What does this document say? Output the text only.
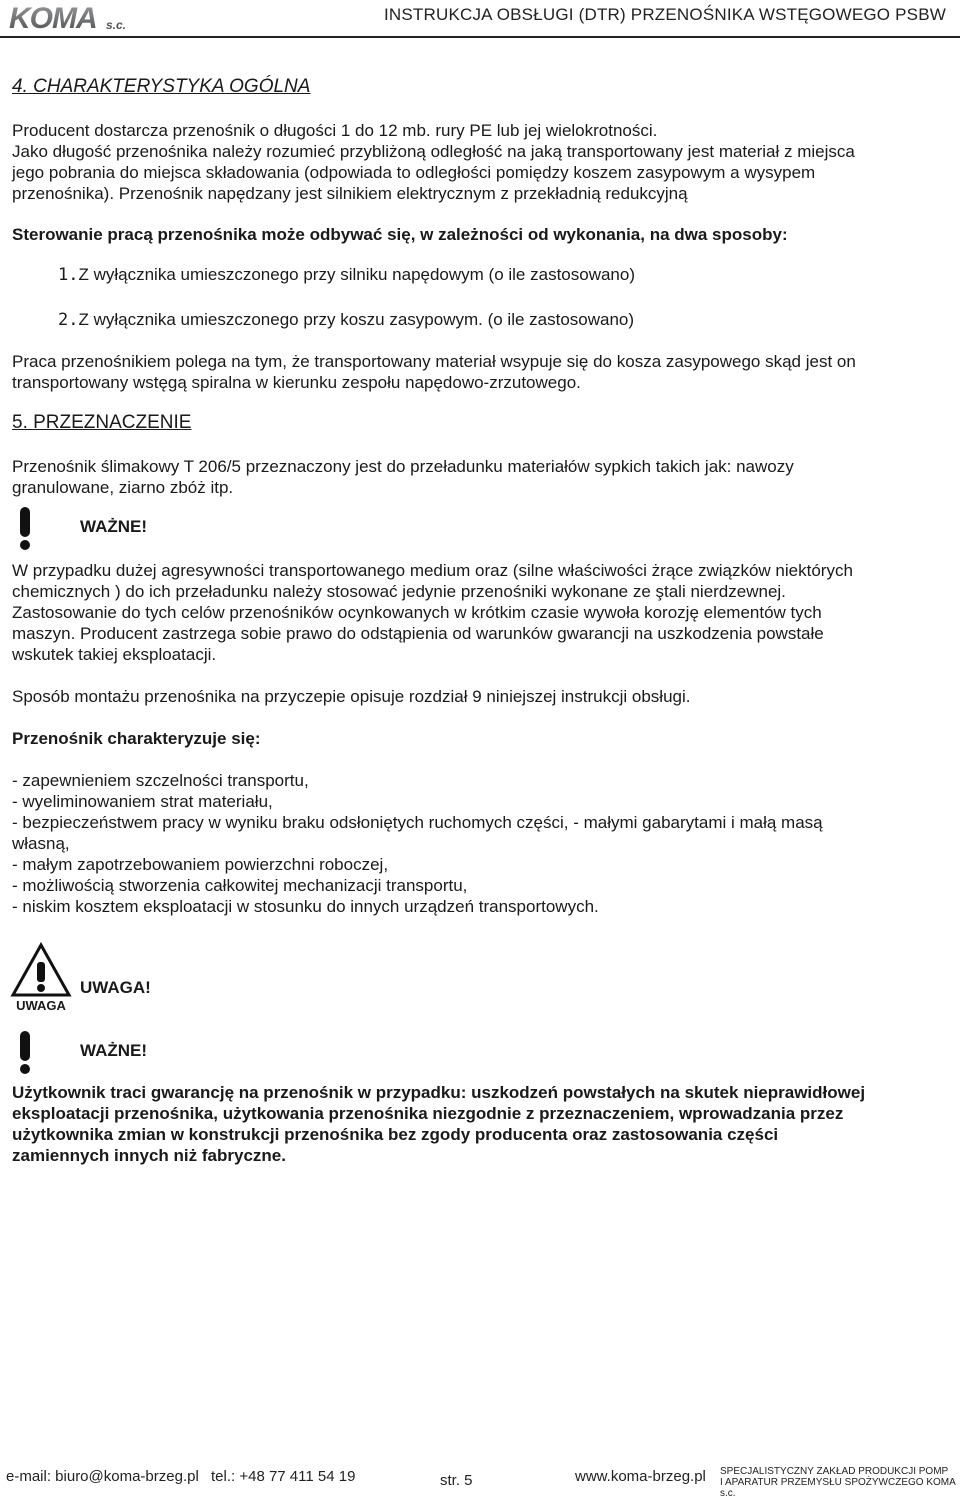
KOMA s.c.
INSTRUKCJA OBSŁUGI (DTR) PRZENOŚNIKA WSTĘGOWEGO PSBW
4. CHARAKTERYSTYKA OGÓLNA
Producent dostarcza przenośnik o długości 1 do 12 mb. rury PE lub jej wielokrotności.
Jako długość przenośnika należy rozumieć przybliżoną odległość na jaką transportowany jest materiał z miejsca
jego pobrania do miejsca składowania (odpowiada to odległości pomiędzy koszem zasypowym a wysypem
przenośnika). Przenośnik napędzany jest silnikiem elektrycznym z przekładnią redukcyjną
Sterowanie pracą przenośnika może odbywać się, w zależności od wykonania, na dwa sposoby:
1.Z wyłącznika umieszczonego przy silniku napędowym (o ile zastosowano)
2.Z wyłącznika umieszczonego przy koszu zasypowym. (o ile zastosowano)
Praca przenośnikiem polega na tym, że transportowany materiał wsypuje się do kosza zasypowego skąd jest on
transportowany wstęgą spiralna w kierunku zespołu napędowo-zrzutowego.
5. PRZEZNACZENIE
Przenośnik ślimakowy T 206/5 przeznaczony jest do przeładunku materiałów sypkich takich jak: nawozy
granulowane, ziarno zbóż itp.
WAŻNE!
W przypadku dużej agresywności transportowanego medium oraz (silne właściwości żrące związków niektórych
chemicznych ) do ich przeładunku należy stosować jedynie przenośniki wykonane ze ştali nierdzewnej.
Zastosowanie do tych celów przenośników ocynkowanych w krótkim czasie wywoła korozję elementów tych
maszyn. Producent zastrzega sobie prawo do odstąpienia od warunków gwarancji na uszkodzenia powstałe
wskutek takiej eksploatacji.
Sposób montażu przenośnika na przyczepie opisuje rozdział 9 niniejszej instrukcji obsługi.
Przenośnik charakteryzuje się:
- zapewnieniem szczelności transportu,
- wyeliminowaniem strat materiału,
- bezpieczeństwem pracy w wyniku braku odsłoniętych ruchomych części, - małymi gabarytami i małą masą
własną,
- małym zapotrzebowaniem powierzchni roboczej,
- możliwością stworzenia całkowitej mechanizacji transportu,
- niskim kosztem eksploatacji w stosunku do innych urządzeń transportowych.
UWAGA
UWAGA!
WAŻNE!
Użytkownik traci gwarancję na przenośnik w przypadku: uszkodzeń powstałych na skutek nieprawidłowej
eksploatacji przenośnika, użytkowania przenośnika niezgodnie z przeznaczeniem, wprowadzania przez
użytkownika zmian w konstrukcji przenośnika bez zgody producenta oraz zastosowania części
zamiennych innych niż fabryczne.
e-mail: biuro@koma-brzeg.pl tel.: +48 77 411 54 19	str. 5	www.koma-brzeg.pl SPECJALISTYCZNY ZAKŁAD PRODUKCJI POMP
I APARATUR PRZEMYSŁU SPOŻYWCZEGO KOMA s.c.
